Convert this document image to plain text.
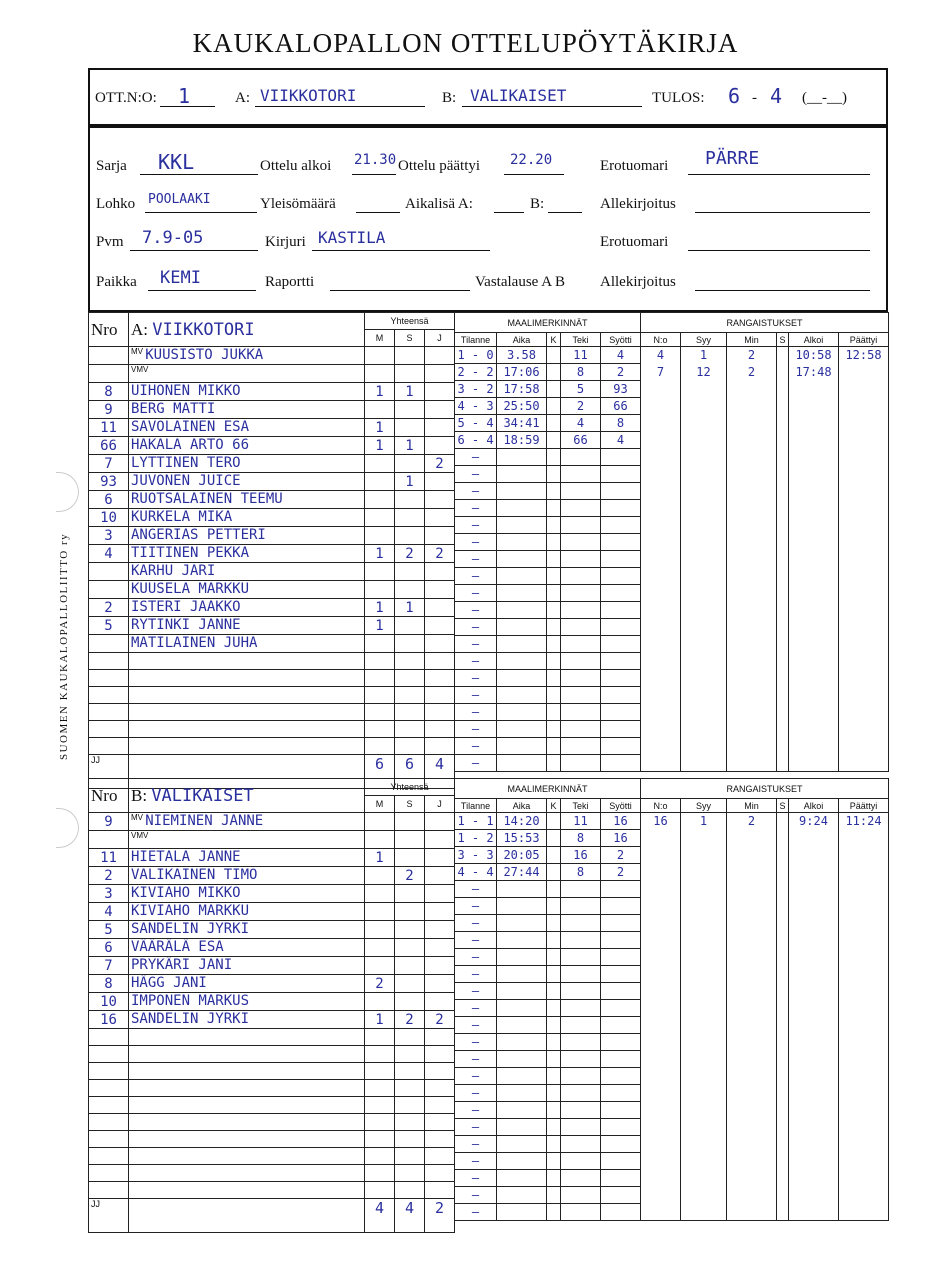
KAUKALOPALLON OTTELUPÖYTÄKIRJA
OTT.N:O: 1	A: VIIKKOTORI	B: VALIKAISET	TULOS: 6 - 4 (__-__)
Sarja KKL	Ottelu alkoi 21.30 Ottelu päättyi 22.20	Erotuomari PÄRRE
Lohko POOLAAKI	Yleisömäärä	Aikalisä A:	B:	Allekirjoitus
Pvm 7.9-05	Kirjuri KASTILA	Erotuomari
Paikka KEMI	Raportti	Vastalause A B Allekirjoitus
Nro	A: VIIKKOTORI	Yhteensä		
		M	S	J
	$^{MV}$ KUUSISTO JUKKA			
	$^{VMV}$			
8	UIHONEN MIKKO	1	1	
9	BERG MATTI			
11	SAVOLAINEN ESA	1		
66	HAKALA ARTO 66	1	1	
7	LYTTINEN TERO			2
93	JUVONEN JUICE		1	
6	RUOTSALAINEN TEEMU			
10	KURKELA MIKA			
3	ANGERIAS PETTERI			
4	TIITINEN PEKKA	1	2	2
	KARHU JARI			
	KUUSELA MARKKU			
2	ISTERI JAAKKO	1	1	
5	RYTINKI JANNE	1		
	MATILAINEN JUHA			

JJ		6	6	4
MAALIMERKINNÄT				
Tilanne	Aika	K	Teki	Syötti
1 - 0	3.58		11	4
2 - 2	17:06		8	2
3 - 2	17:58		5	93
4 - 3	25:50		2	66
5 - 4	34:41		4	8
6 - 4	18:59		66	4
–				
–				
–				
–				
–				
–				
–				
–				
–				
–				
–				
–				
–				
–				
–				
–				
–				
–				
–				
RANGAISTUKSET					
N:o	Syy	Min	S	Alkoi	Päättyi
4	1	2		10:58	12:58
7	12	2		17:48	

Nro	B: VALIKAISET	Yhteensä		
		M	S	J
9	$^{MV}$ NIEMINEN JANNE			
	$^{VMV}$			
11	HIETALA JANNE	1		
2	VALIKAINEN TIMO		2	
3	KIVIAHO MIKKO			
4	KIVIAHO MARKKU			
5	SANDELIN JYRKI			
6	VÄÄRÄLÄ ESA			
7	PRYKÄRI JANI			
8	HÄGG JANI	2		
10	IMPONEN MARKUS			
16	SANDELIN JYRKI	1	2	2

JJ		4	4	2
MAALIMERKINNÄT				
Tilanne	Aika	K	Teki	Syötti
1 - 1	14:20		11	16
1 - 2	15:53		8	16
3 - 3	20:05		16	2
4 - 4	27:44		8	2
–				
–				
–				
–				
–				
–				
–				
–				
–				
–				
–				
–				
–				
–				
–				
–				
–				
–				
–				
–				
RANGAISTUKSET					
N:o	Syy	Min	S	Alkoi	Päättyi
16	1	2		9:24	11:24

SUOMEN KAUKALOPALLOLIITTO ry
